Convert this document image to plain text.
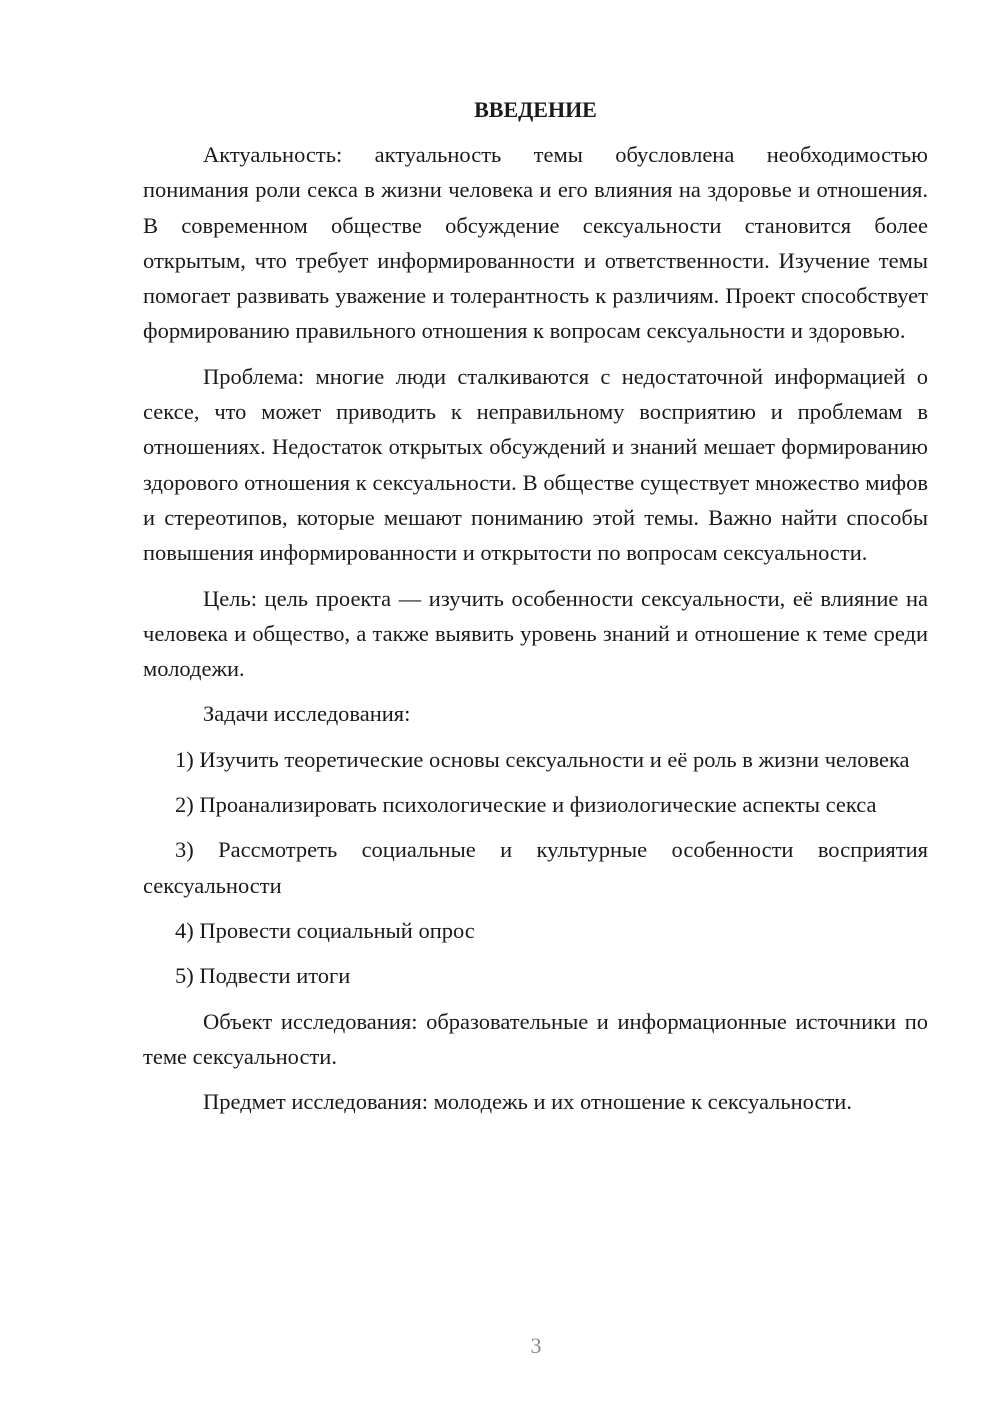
ВВЕДЕНИЕ

Актуальность: актуальность темы обусловлена необходимостью понимания роли секса в жизни человека и его влияния на здоровье и отношения. В современном обществе обсуждение сексуальности становится более открытым, что требует информированности и ответственности. Изучение темы помогает развивать уважение и толерантность к различиям. Проект способствует формированию правильного отношения к вопросам сексуальности и здоровью.

Проблема: многие люди сталкиваются с недостаточной информацией о сексе, что может приводить к неправильному восприятию и проблемам в отношениях. Недостаток открытых обсуждений и знаний мешает формированию здорового отношения к сексуальности. В обществе существует множество мифов и стереотипов, которые мешают пониманию этой темы. Важно найти способы повышения информированности и открытости по вопросам сексуальности.

Цель: цель проекта — изучить особенности сексуальности, её влияние на человека и общество, а также выявить уровень знаний и отношение к теме среди молодежи.

Задачи исследования:

1) Изучить теоретические основы сексуальности и её роль в жизни человека

2) Проанализировать психологические и физиологические аспекты секса

3) Рассмотреть социальные и культурные особенности восприятия сексуальности

4) Провести социальный опрос

5) Подвести итоги

Объект исследования: образовательные и информационные источники по теме сексуальности.

Предмет исследования: молодежь и их отношение к сексуальности.

3
